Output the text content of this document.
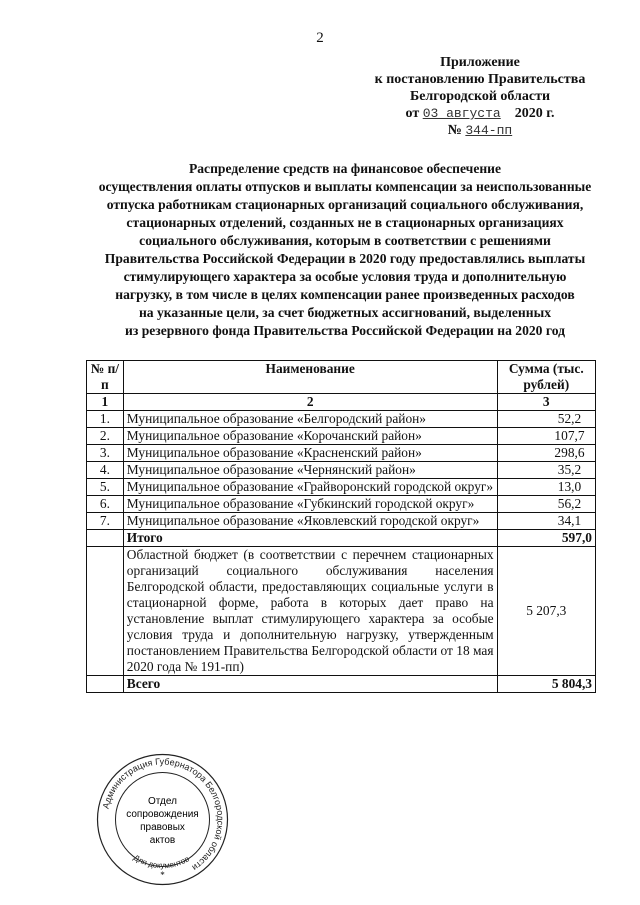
2
Приложение
к постановлению Правительства
Белгородской области
от 03 августа 2020 г.
№ 344-пп
Распределение средств на финансовое обеспечение
осуществления оплаты отпусков и выплаты компенсации за неиспользованные
отпуска работникам стационарных организаций социального обслуживания,
стационарных отделений, созданных не в стационарных организациях
социального обслуживания, которым в соответствии с решениями
Правительства Российской Федерации в 2020 году предоставлялись выплаты
стимулирующего характера за особые условия труда и дополнительную
нагрузку, в том числе в целях компенсации ранее произведенных расходов
на указанные цели, за счет бюджетных ассигнований, выделенных
из резервного фонда Правительства Российской Федерации на 2020 год
№ п/п	Наименование	Сумма (тыс. рублей)
1	2	3
1.	Муниципальное образование «Белгородский район»	52,2
2.	Муниципальное образование «Корочанский район»	107,7
3.	Муниципальное образование «Красненский район»	298,6
4.	Муниципальное образование «Чернянский район»	35,2
5.	Муниципальное образование «Грайворонский городской округ»	13,0
6.	Муниципальное образование «Губкинский городской округ»	56,2
7.	Муниципальное образование «Яковлевский городской округ»	34,1
	Итого	597,0
	Областной бюджет (в соответствии с перечнем стационарных организаций социального обслуживания населения Белгородской области, предоставляющих социальные услуги в стационарной форме, работа в которых дает право на установление выплат стимулирующего характера за особые условия труда и дополнительную нагрузку, утвержденным постановлением Правительства Белгородской области от 18 мая 2020 года № 191-пп)	5 207,3
	Всего	5 804,3
Администрация Губернатора Белгородской области
Для документов
Отдел
сопровождения
правовых
актов
*
